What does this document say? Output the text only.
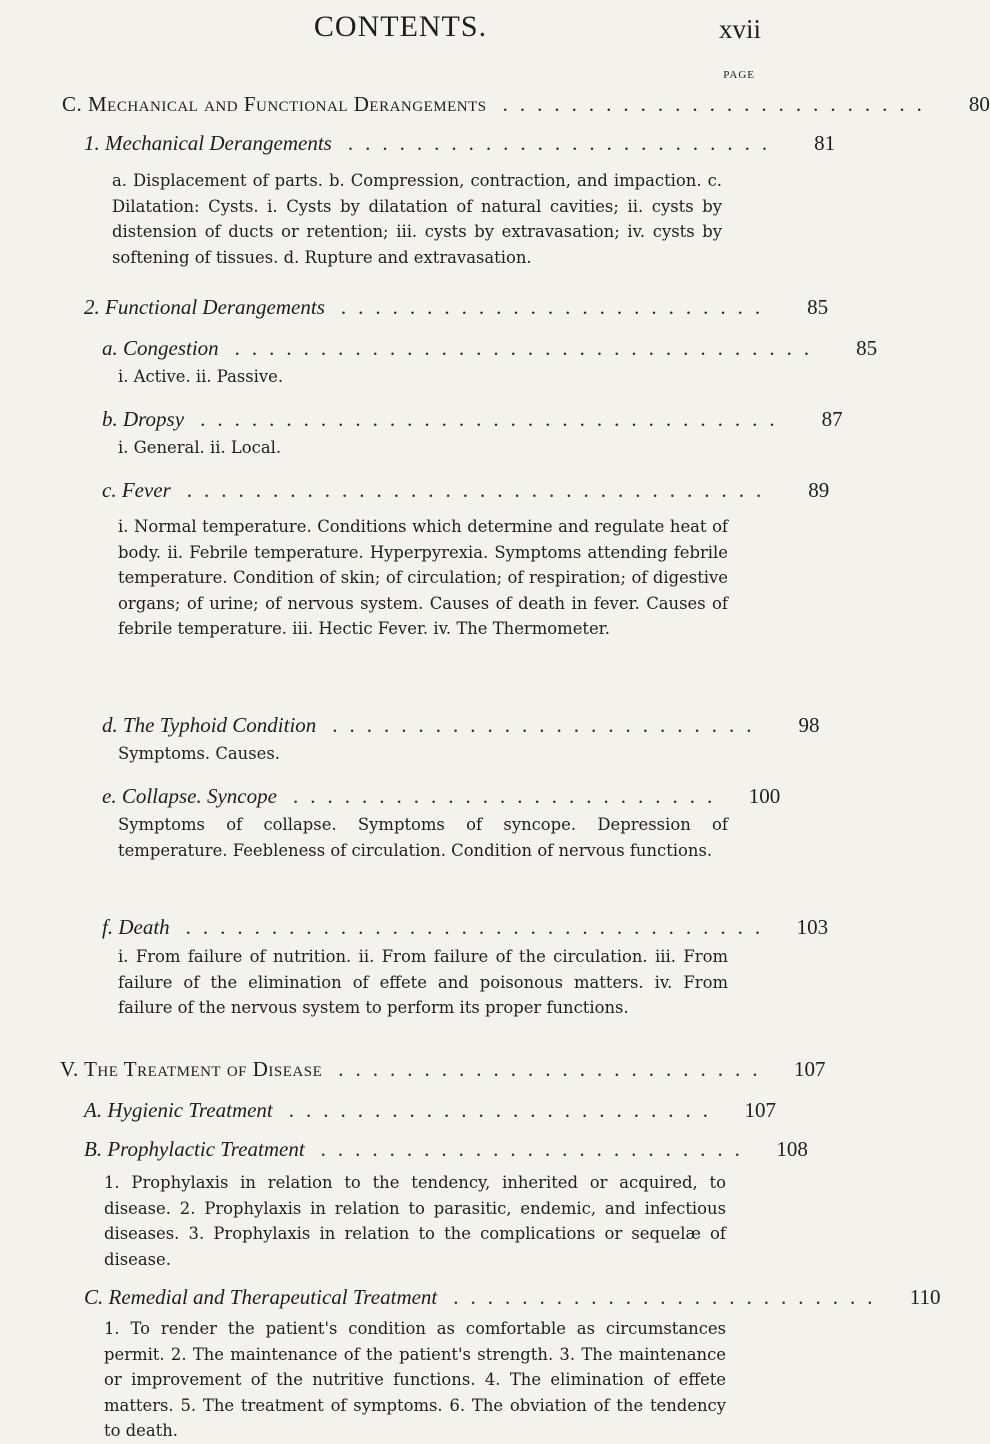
CONTENTS.	xvii
PAGE
C. Mechanical and Functional Derangements .........................	80
1. Mechanical Derangements .........................	81
a. Displacement of parts. b. Compression, contraction, and impaction. c. Dilatation: Cysts. i. Cysts by dilatation of natural cavities; ii. cysts by distension of ducts or retention; iii. cysts by extravasation; iv. cysts by softening of tissues. d. Rupture and extravasation.
2. Functional Derangements .........................	85
a. Congestion ..................................	85
i. Active. ii. Passive.
b. Dropsy ..................................	87
i. General. ii. Local.
c. Fever ..................................	89
i. Normal temperature. Conditions which determine and regulate heat of body. ii. Febrile temperature. Hyperpyrexia. Symptoms attending febrile temperature. Condition of skin; of circulation; of respiration; of digestive organs; of urine; of nervous system. Causes of death in fever. Causes of febrile temperature. iii. Hectic Fever. iv. The Thermometer.
d. The Typhoid Condition .........................	98
Symptoms. Causes.
e. Collapse. Syncope .........................	100
Symptoms of collapse. Symptoms of syncope. Depression of temperature. Feebleness of circulation. Condition of nervous functions.
f. Death ..................................	103
i. From failure of nutrition. ii. From failure of the circulation. iii. From failure of the elimination of effete and poisonous matters. iv. From failure of the nervous system to perform its proper functions.
V. The Treatment of Disease .........................	107
A. Hygienic Treatment .........................	107
B. Prophylactic Treatment .........................	108
1. Prophylaxis in relation to the tendency, inherited or acquired, to disease. 2. Prophylaxis in relation to parasitic, endemic, and infectious diseases. 3. Prophylaxis in relation to the complications or sequelæ of disease.
C. Remedial and Therapeutical Treatment .........................	110
1. To render the patient's condition as comfortable as circumstances permit. 2. The maintenance of the patient's strength. 3. The maintenance or improvement of the nutritive functions. 4. The elimination of effete matters. 5. The treatment of symptoms. 6. The obviation of the tendency to death.
